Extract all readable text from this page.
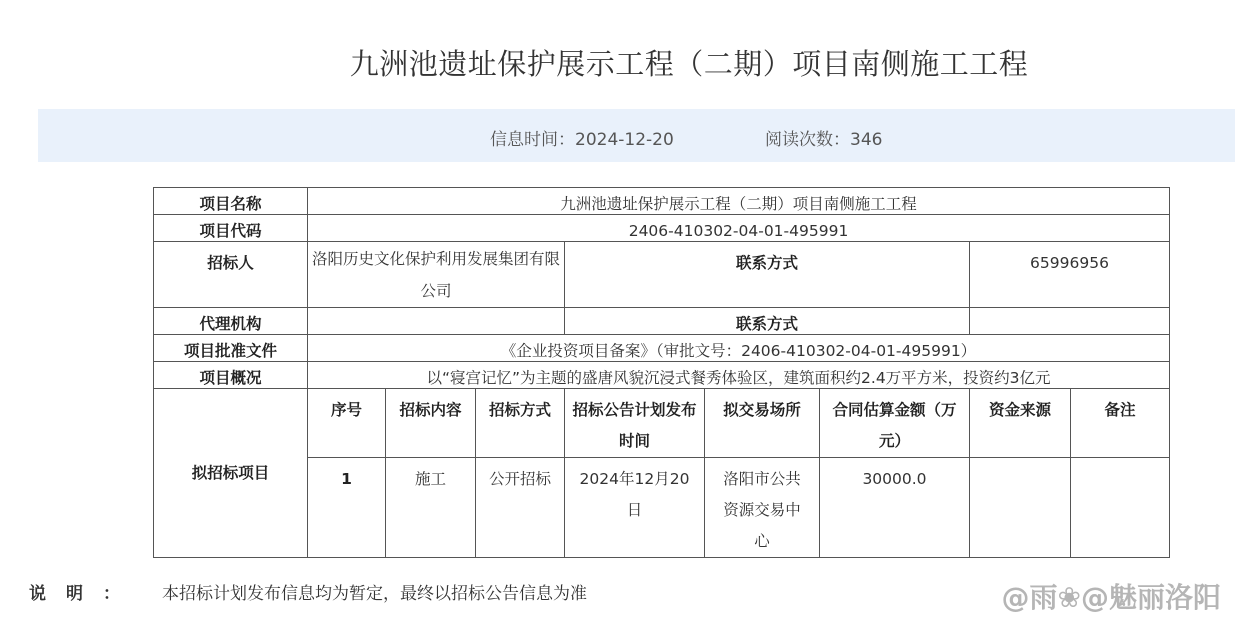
九洲池遗址保护展示工程（二期）项目南侧施工工程
信息时间：2024-12-20	阅读次数：346
项目名称	九洲池遗址保护展示工程（二期）项目南侧施工工程							
项目代码	2406-410302-04-01-495991							
招标人	洛阳历史文化保护利用发展集团有限公司			联系方式			65996956	
代理机构				联系方式				
项目批准文件	《企业投资项目备案》（审批文号：2406-410302-04-01-495991）							
项目概况	以“寝宫记忆”为主题的盛唐风貌沉浸式餐秀体验区，建筑面积约2.4万平方米，投资约3亿元							
拟招标项目	序号	招标内容	招标方式	招标公告计划发布时间	拟交易场所	合同估算金额（万元）	资金来源	备注
	1	施工	公开招标	2024年12月20日	洛阳市公共资源交易中心	30000.0		
说明： 本招标计划发布信息均为暂定，最终以招标公告信息为准	@雨❀@魅丽洛阳
